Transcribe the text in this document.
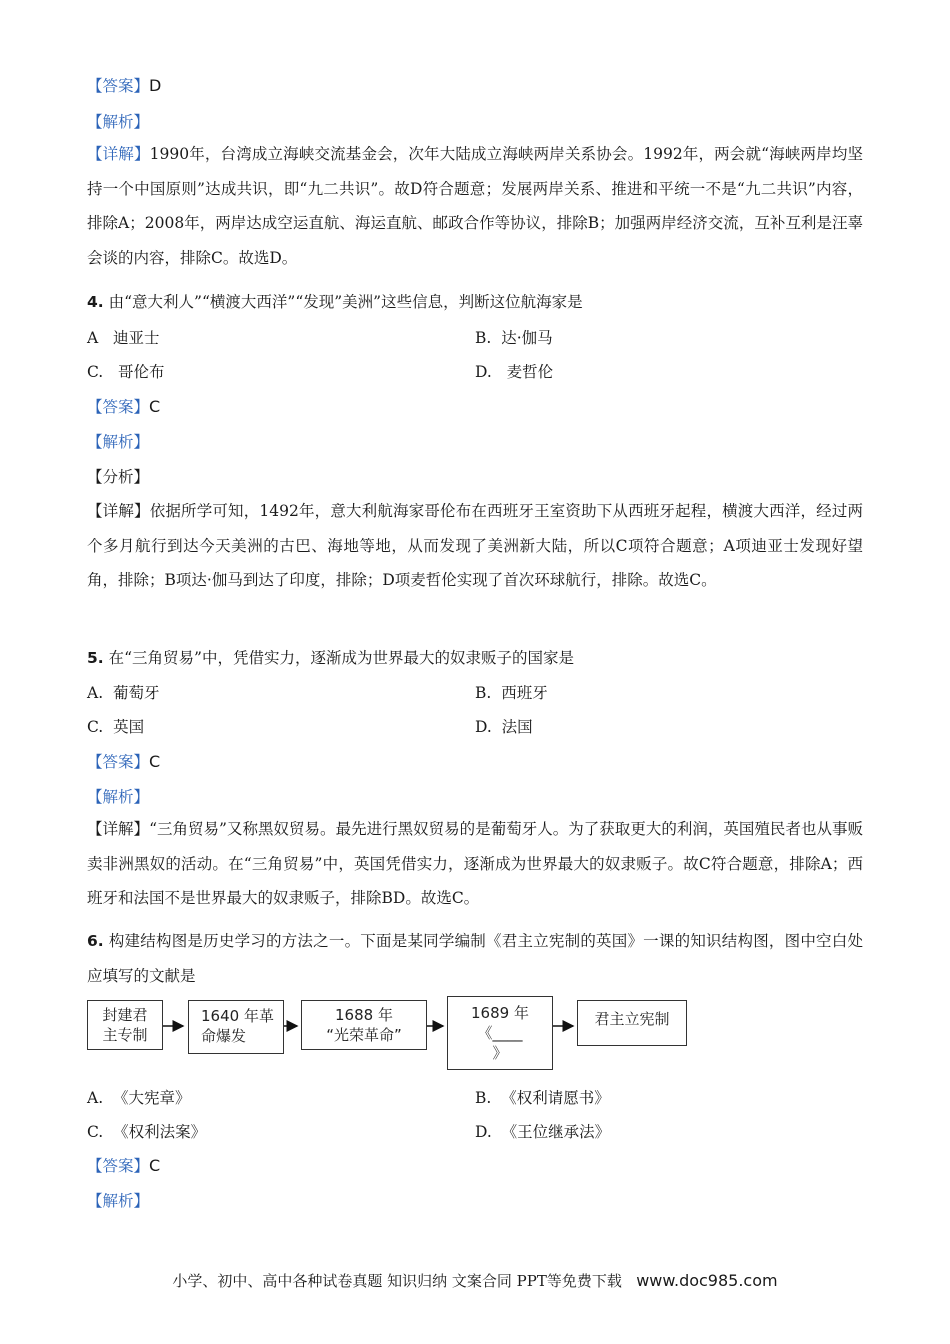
【答案】D
【解析】
【详解】1990年，台湾成立海峡交流基金会，次年大陆成立海峡两岸关系协会。1992年，两会就“海峡两岸均坚持一个中国原则”达成共识，即“九二共识”。故D符合题意；发展两岸关系、推进和平统一不是“九二共识”内容，排除A；2008年，两岸达成空运直航、海运直航、邮政合作等协议，排除B；加强两岸经济交流，互补互利是汪辜会谈的内容，排除C。故选D。
4. 由“意大利人”“横渡大西洋”“发现”美洲”这些信息，判断这位航海家是
A 迪亚士	B. 达·伽马
C. 哥伦布	D. 麦哲伦
【答案】C
【解析】
【分析】
【详解】依据所学可知，1492年，意大利航海家哥伦布在西班牙王室资助下从西班牙起程，横渡大西洋，经过两个多月航行到达今天美洲的古巴、海地等地，从而发现了美洲新大陆，所以C项符合题意；A项迪亚士发现好望角，排除；B项达·伽马到达了印度，排除；D项麦哲伦实现了首次环球航行，排除。故选C。
5. 在“三角贸易”中，凭借实力，逐渐成为世界最大的奴隶贩子的国家是
A. 葡萄牙	B. 西班牙
C. 英国	D. 法国
【答案】C
【解析】
【详解】“三角贸易”又称黑奴贸易。最先进行黑奴贸易的是葡萄牙人。为了获取更大的利润，英国殖民者也从事贩卖非洲黑奴的活动。在“三角贸易”中，英国凭借实力，逐渐成为世界最大的奴隶贩子。故C符合题意，排除A；西班牙和法国不是世界最大的奴隶贩子，排除BD。故选C。
6. 构建结构图是历史学习的方法之一。下面是某同学编制《君主立宪制的英国》一课的知识结构图，图中空白处应填写的文献是
封建君
主专制
1640 年革
命爆发
1688 年
“光荣革命”
1689 年
《____
》
君主立宪制
A. 《大宪章》	B. 《权利请愿书》
C. 《权利法案》	D. 《王位继承法》
【答案】C
【解析】
小学、初中、高中各种试卷真题 知识归纳 文案合同 PPT等免费下载 www.doc985.com
